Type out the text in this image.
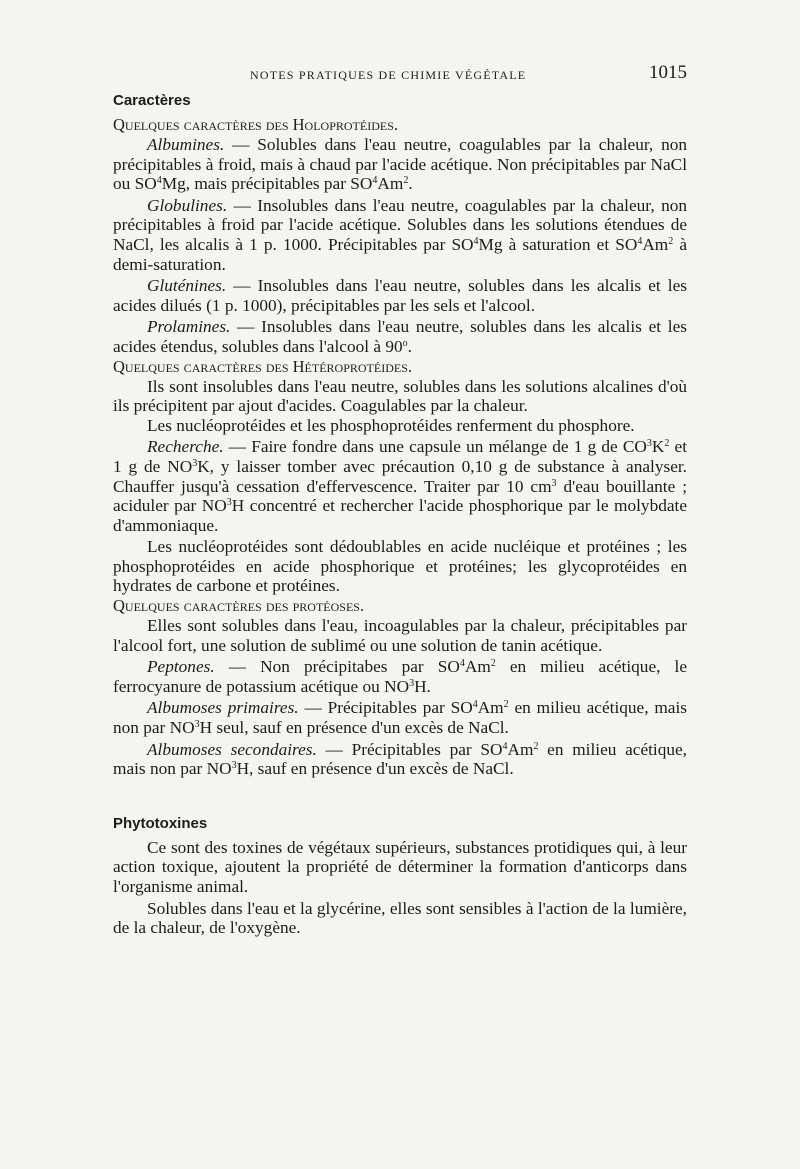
NOTES PRATIQUES DE CHIMIE VÉGÉTALE	1015
Caractères

Quelques caractères des Holoprotéides.

Albumines. — Solubles dans l'eau neutre, coagulables par la chaleur, non précipitables à froid, mais à chaud par l'acide acétique. Non précipitables par NaCl ou $SO^4Mg$, mais précipitables par $SO^4Am^2$.

Globulines. — Insolubles dans l'eau neutre, coagulables par la chaleur, non précipitables à froid par l'acide acétique. Solubles dans les solutions étendues de NaCl, les alcalis à 1 p. 1000. Précipitables par $SO^4Mg$ à saturation et $SO^4Am^2$ à demi-saturation.

Gluténines. — Insolubles dans l'eau neutre, solubles dans les alcalis et les acides dilués (1 p. 1000), précipitables par les sels et l'alcool.

Prolamines. — Insolubles dans l'eau neutre, solubles dans les alcalis et les acides étendus, solubles dans l'alcool à 90$^o$.

Quelques caractères des Hétéroprotéides.

Ils sont insolubles dans l'eau neutre, solubles dans les solutions alcalines d'où ils précipitent par ajout d'acides. Coagulables par la chaleur.

Les nucléoprotéides et les phosphoprotéides renferment du phosphore.

Recherche. — Faire fondre dans une capsule un mélange de 1 g de $CO^3K^2$ et 1 g de $NO^3K$, y laisser tomber avec précaution 0,10 g de substance à analyser. Chauffer jusqu'à cessation d'effervescence. Traiter par 10 $cm^3$ d'eau bouillante ; aciduler par $NO^3H$ concentré et rechercher l'acide phosphorique par le molybdate d'ammoniaque.

Les nucléoprotéides sont dédoublables en acide nucléique et protéines ; les phosphoprotéides en acide phosphorique et protéines; les glycoprotéides en hydrates de carbone et protéines.

Quelques caractères des protéoses.

Elles sont solubles dans l'eau, incoagulables par la chaleur, précipitables par l'alcool fort, une solution de sublimé ou une solution de tanin acétique.

Peptones. — Non précipitabes par $SO^4Am^2$ en milieu acétique, le ferrocyanure de potassium acétique ou $NO^3H$.

Albumoses primaires. — Précipitables par $SO^4Am^2$ en milieu acétique, mais non par $NO^3H$ seul, sauf en présence d'un excès de NaCl.

Albumoses secondaires. — Précipitables par $SO^4Am^2$ en milieu acétique, mais non par $NO^3H$, sauf en présence d'un excès de NaCl.

Phytotoxines

Ce sont des toxines de végétaux supérieurs, substances protidiques qui, à leur action toxique, ajoutent la propriété de déterminer la formation d'anticorps dans l'organisme animal.

Solubles dans l'eau et la glycérine, elles sont sensibles à l'action de la lumière, de la chaleur, de l'oxygène.
